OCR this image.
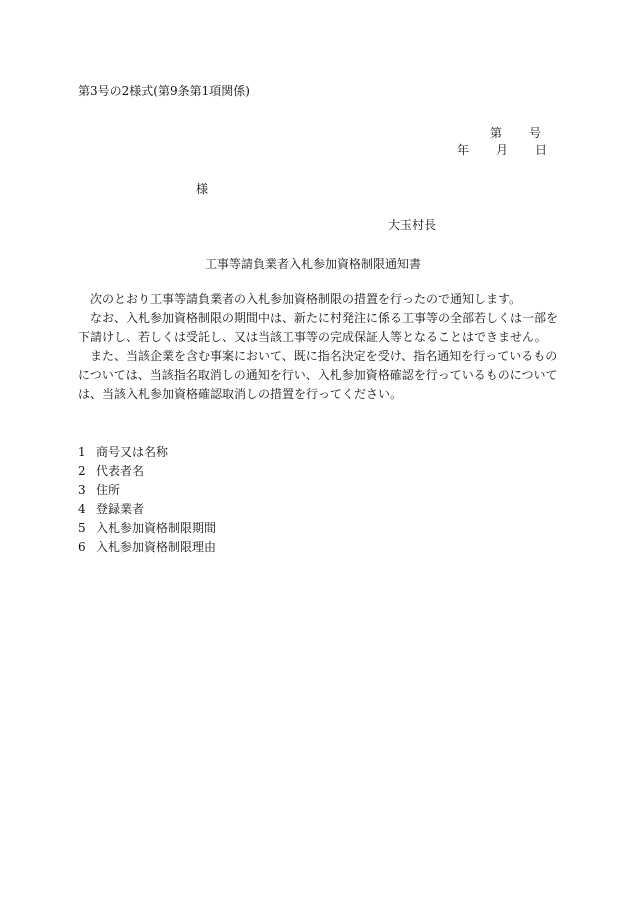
第3号の2様式(第9条第1項関係)
第 号
年 月 日
様
大玉村長
工事等請負業者入札参加資格制限通知書

次のとおり工事等請負業者の入札参加資格制限の措置を行ったので通知します。

なお、入札参加資格制限の期間中は、新たに村発注に係る工事等の全部若しくは一部を下請けし、若しくは受託し、又は当該工事等の完成保証人等となることはできません。

また、当該企業を含む事案において、既に指名決定を受け、指名通知を行っているものについては、当該指名取消しの通知を行い、入札参加資格確認を行っているものについては、当該入札参加資格確認取消しの措置を行ってください。

1 商号又は名称
2 代表者名
3 住所
4 登録業者
5 入札参加資格制限期間
6 入札参加資格制限理由
